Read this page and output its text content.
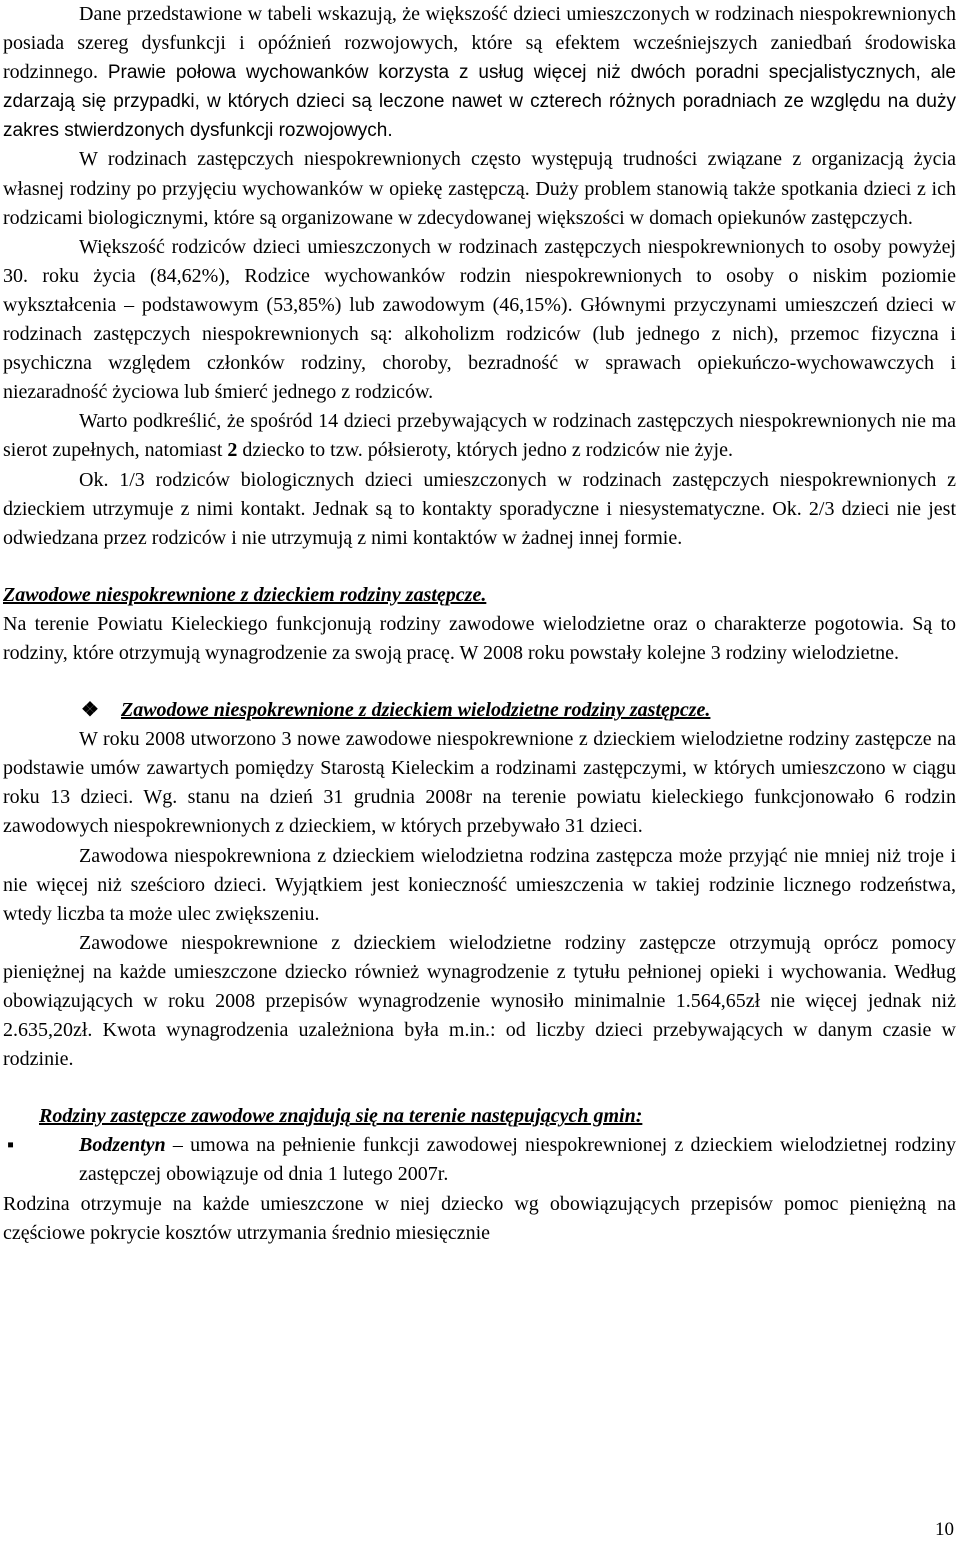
Dane przedstawione w tabeli wskazują, że większość dzieci umieszczonych w rodzinach niespokrewnionych posiada szereg dysfunkcji i opóźnień rozwojowych, które są efektem wcześniejszych zaniedbań środowiska rodzinnego. Prawie połowa wychowanków korzysta z usług więcej niż dwóch poradni specjalistycznych, ale zdarzają się przypadki, w których dzieci są leczone nawet w czterech różnych poradniach ze względu na duży zakres stwierdzonych dysfunkcji rozwojowych.

W rodzinach zastępczych niespokrewnionych często występują trudności związane z organizacją życia własnej rodziny po przyjęciu wychowanków w opiekę zastępczą. Duży problem stanowią także spotkania dzieci z ich rodzicami biologicznymi, które są organizowane w zdecydowanej większości w domach opiekunów zastępczych.

Większość rodziców dzieci umieszczonych w rodzinach zastępczych niespokrewnionych to osoby powyżej 30. roku życia (84,62%), Rodzice wychowanków rodzin niespokrewnionych to osoby o niskim poziomie wykształcenia – podstawowym (53,85%) lub zawodowym (46,15%). Głównymi przyczynami umieszczeń dzieci w rodzinach zastępczych niespokrewnionych są: alkoholizm rodziców (lub jednego z nich), przemoc fizyczna i psychiczna względem członków rodziny, choroby, bezradność w sprawach opiekuńczo-wychowawczych i niezaradność życiowa lub śmierć jednego z rodziców.

Warto podkreślić, że spośród 14 dzieci przebywających w rodzinach zastępczych niespokrewnionych nie ma sierot zupełnych, natomiast 2 dziecko to tzw. półsieroty, których jedno z rodziców nie żyje.

Ok. 1/3 rodziców biologicznych dzieci umieszczonych w rodzinach zastępczych niespokrewnionych z dzieckiem utrzymuje z nimi kontakt. Jednak są to kontakty sporadyczne i niesystematyczne. Ok. 2/3 dzieci nie jest odwiedzana przez rodziców i nie utrzymują z nimi kontaktów w żadnej innej formie.

Zawodowe niespokrewnione z dzieckiem rodziny zastępcze.

Na terenie Powiatu Kieleckiego funkcjonują rodziny zawodowe wielodzietne oraz o charakterze pogotowia. Są to rodziny, które otrzymują wynagrodzenie za swoją pracę. W 2008 roku powstały kolejne 3 rodziny wielodzietne.

❖ Zawodowe niespokrewnione z dzieckiem wielodzietne rodziny zastępcze.

W roku 2008 utworzono 3 nowe zawodowe niespokrewnione z dzieckiem wielodzietne rodziny zastępcze na podstawie umów zawartych pomiędzy Starostą Kieleckim a rodzinami zastępczymi, w których umieszczono w ciągu roku 13 dzieci. Wg. stanu na dzień 31 grudnia 2008r na terenie powiatu kieleckiego funkcjonowało 6 rodzin zawodowych niespokrewnionych z dzieckiem, w których przebywało 31 dzieci.

Zawodowa niespokrewniona z dzieckiem wielodzietna rodzina zastępcza może przyjąć nie mniej niż troje i nie więcej niż sześcioro dzieci. Wyjątkiem jest konieczność umieszczenia w takiej rodzinie licznego rodzeństwa, wtedy liczba ta może ulec zwiększeniu.

Zawodowe niespokrewnione z dzieckiem wielodzietne rodziny zastępcze otrzymują oprócz pomocy pieniężnej na każde umieszczone dziecko również wynagrodzenie z tytułu pełnionej opieki i wychowania. Według obowiązujących w roku 2008 przepisów wynagrodzenie wynosiło minimalnie 1.564,65zł nie więcej jednak niż 2.635,20zł. Kwota wynagrodzenia uzależniona była m.in.: od liczby dzieci przebywających w danym czasie w rodzinie.

Rodziny zastępcze zawodowe znajdują się na terenie następujących gmin:

▪	Bodzentyn – umowa na pełnienie funkcji zawodowej niespokrewnionej z dzieckiem wielodzietnej rodziny zastępczej obowiązuje od dnia 1 lutego 2007r.

Rodzina otrzymuje na każde umieszczone w niej dziecko wg obowiązujących przepisów pomoc pieniężną na częściowe pokrycie kosztów utrzymania średnio miesięcznie

10
